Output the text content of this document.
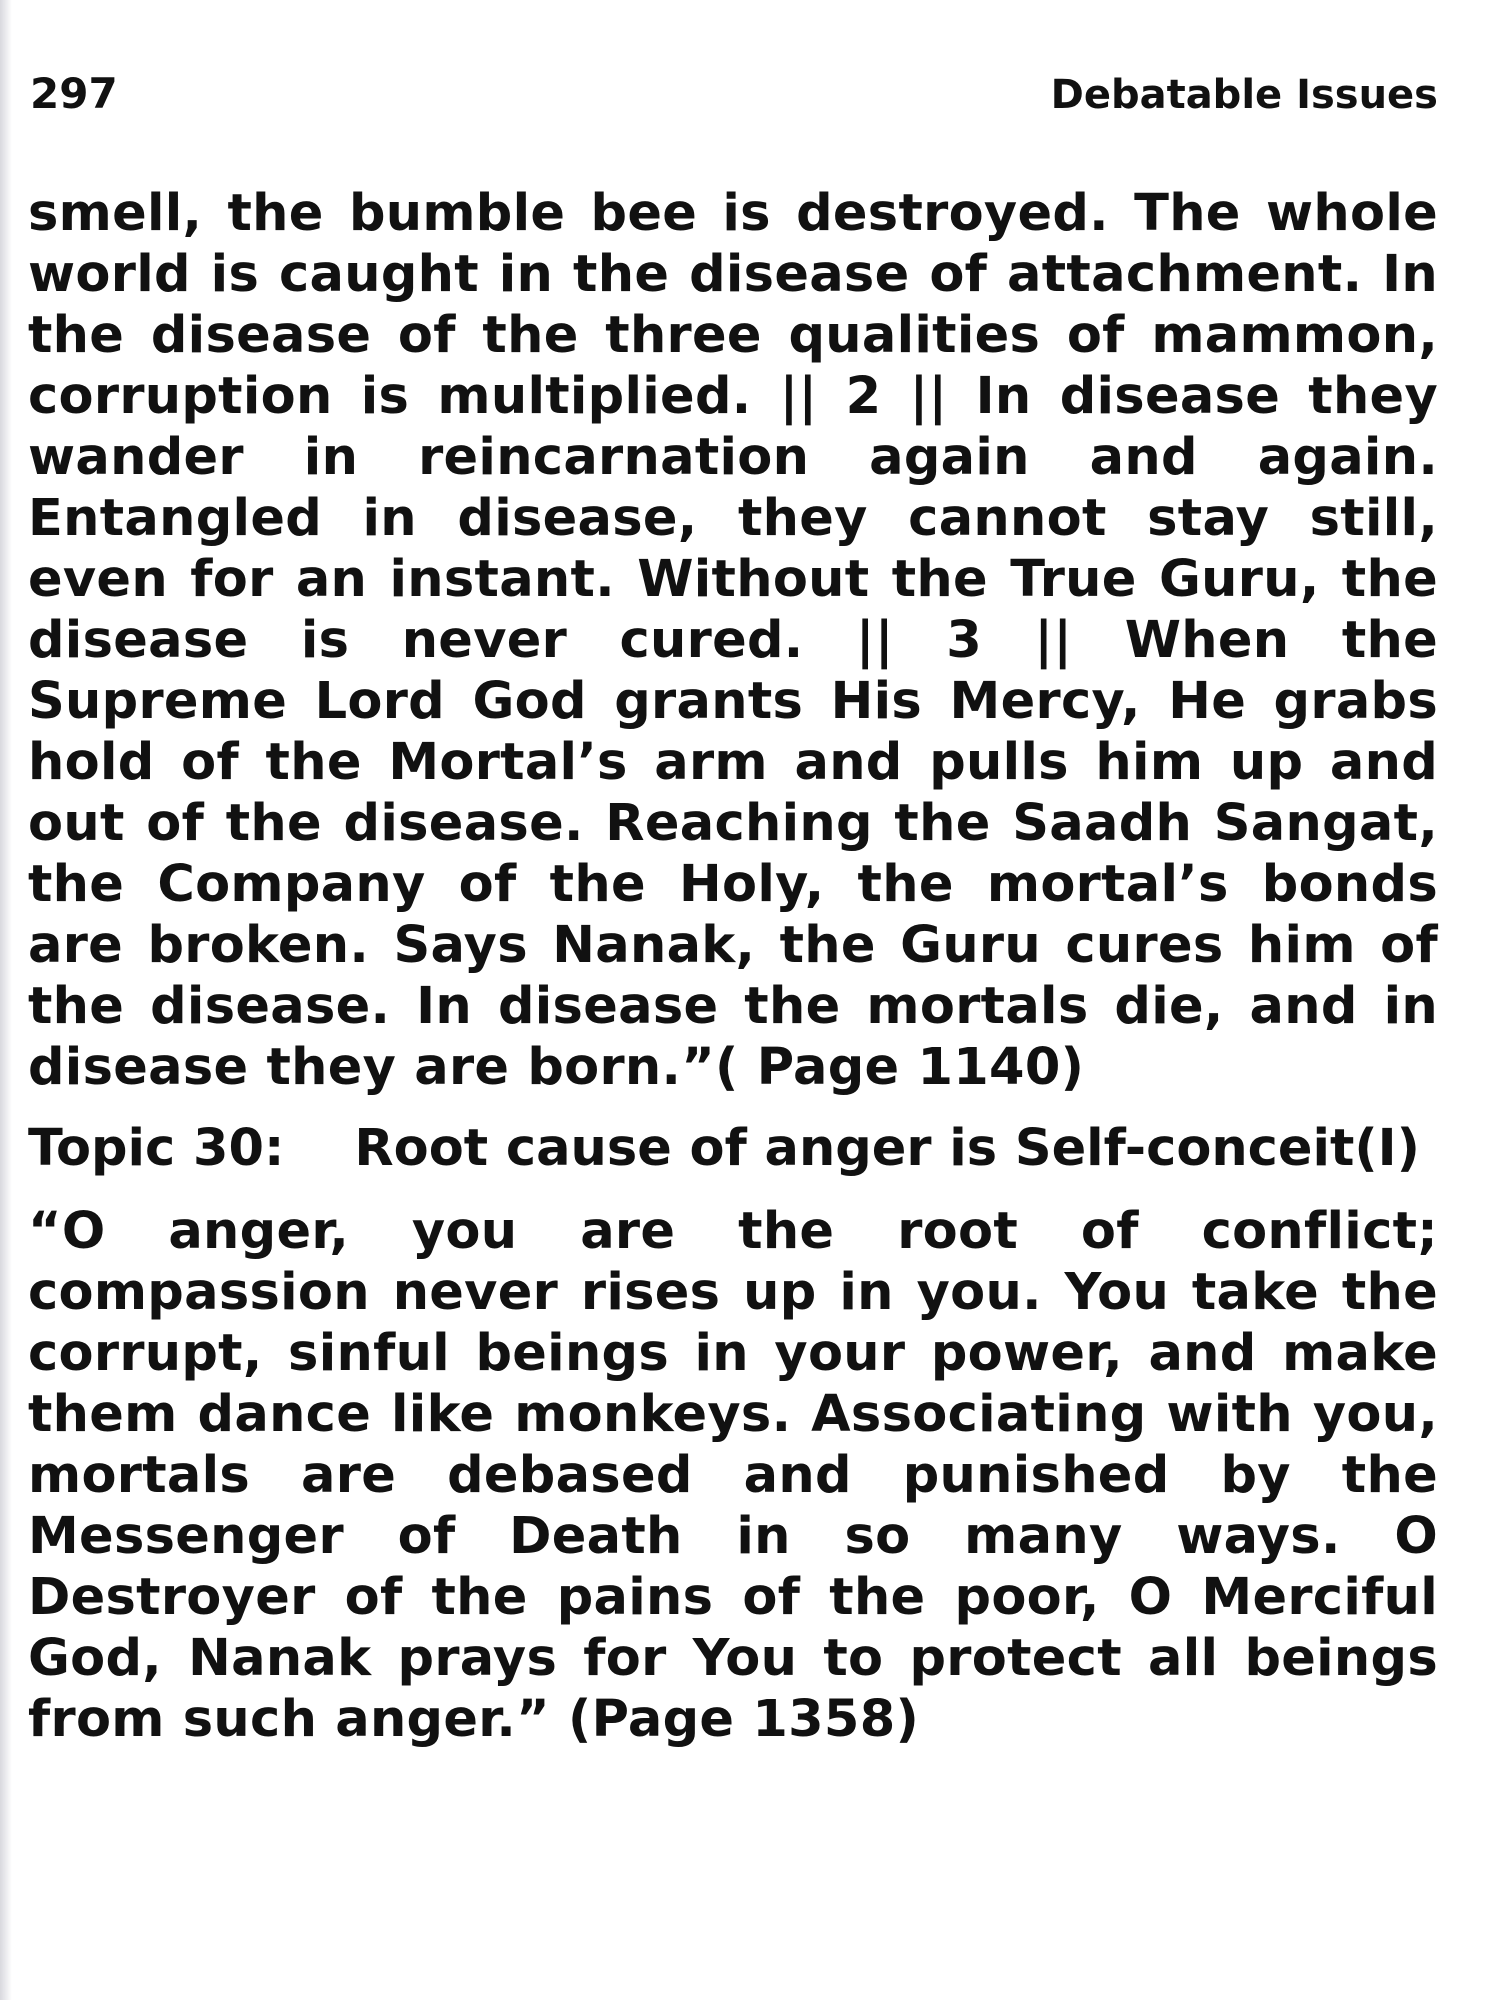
297	Debatable Issues

smell, the bumble bee is destroyed. The whole world is caught in the disease of attachment. In the disease of the three qualities of mammon, corruption is multiplied. || 2 || In disease they wander in reincarnation again and again. Entangled in disease, they cannot stay still, even for an instant. Without the True Guru, the disease is never cured. || 3 || When the Supreme Lord God grants His Mercy, He grabs hold of the Mortal’s arm and pulls him up and out of the disease. Reaching the Saadh Sangat, the Company of the Holy, the mortal’s bonds are broken. Says Nanak, the Guru cures him of the disease. In disease the mortals die, and in disease they are born.”( Page 1140)

Topic 30: Root cause of anger is Self-conceit(I)

“O anger, you are the root of conflict; compassion never rises up in you. You take the corrupt, sinful beings in your power, and make them dance like monkeys. Associating with you, mortals are debased and punished by the Messenger of Death in so many ways. O Destroyer of the pains of the poor, O Merciful God, Nanak prays for You to protect all beings from such anger.” (Page 1358)
